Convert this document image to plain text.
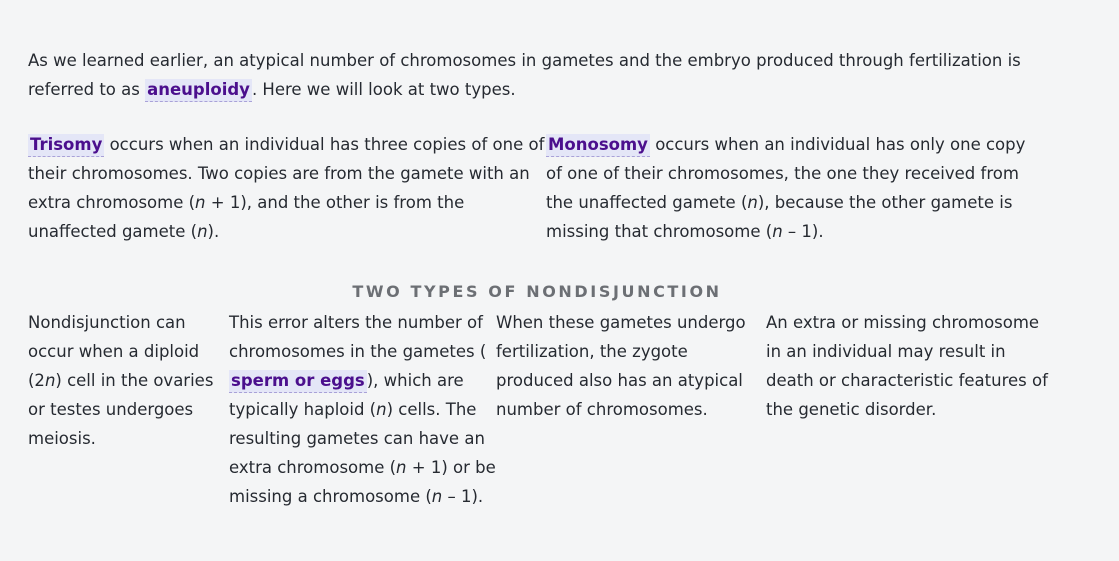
As we learned earlier, an atypical number of chromosomes in gametes and the embryo produced through fertilization is referred to as aneuploidy . Here we will look at two types.

Trisomy occurs when an individual has three copies of one of their chromosomes. Two copies are from the gamete with an extra chromosome (n + 1), and the other is from the unaffected gamete (n).

Monosomy occurs when an individual has only one copy of one of their chromosomes, the one they received from the unaffected gamete (n), because the other gamete is missing that chromosome (n – 1).

TWO TYPES OF NONDISJUNCTION

Nondisjunction can occur when a diploid (2n) cell in the ovaries or testes undergoes meiosis.

This error alters the number of chromosomes in the gametes (sperm or eggs ), which are typically haploid (n) cells. The resulting gametes can have an extra chromosome (n + 1) or be missing a chromosome (n – 1).

When these gametes undergo fertilization, the zygote produced also has an atypical number of chromosomes.

An extra or missing chromosome in an individual may result in death or characteristic features of the genetic disorder.
